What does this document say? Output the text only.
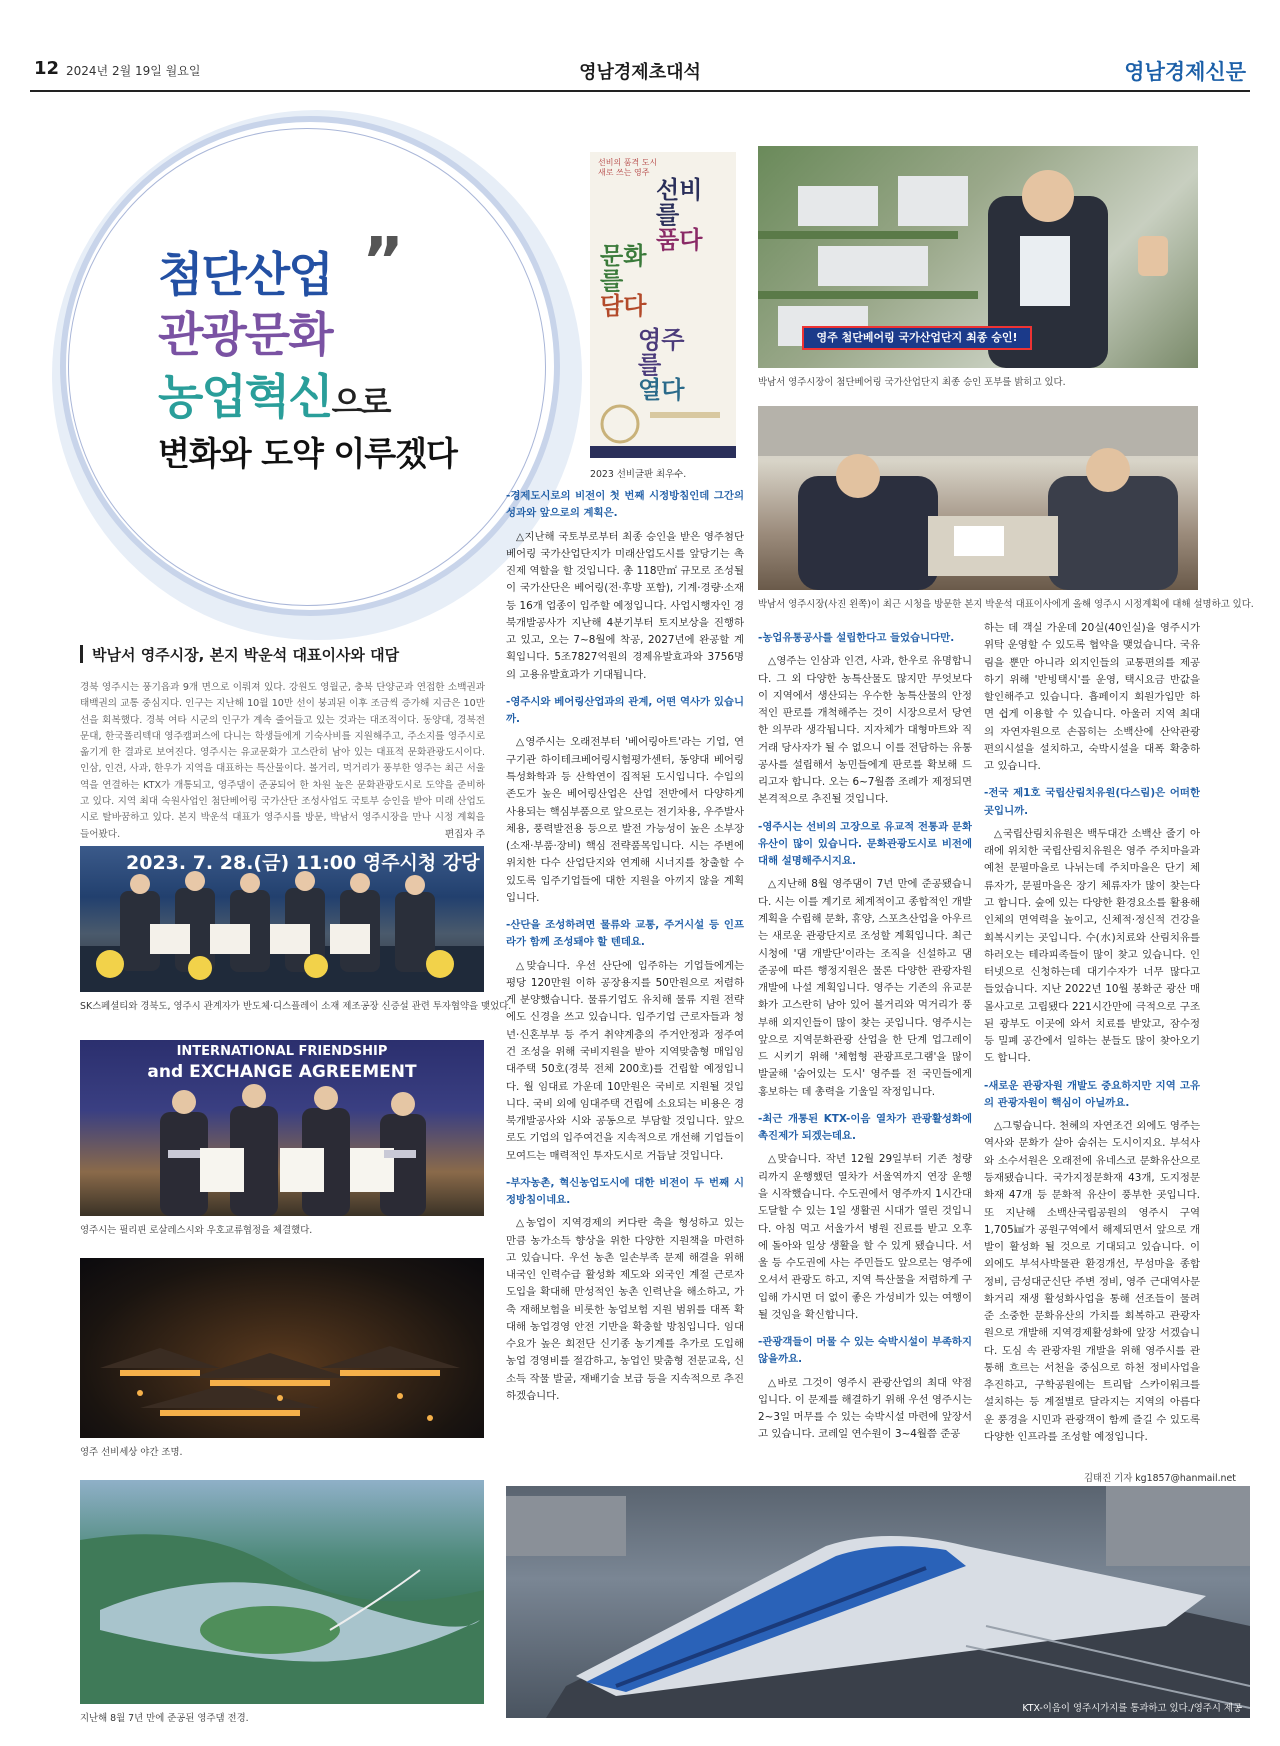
12 2024년 2월 19일 월요일	영남경제초대석	영남경제신문
”
첨단산업
관광문화
농업혁신으로
변화와 도약 이루겠다
박남서 영주시장, 본지 박운석 대표이사와 대담
경북 영주시는 풍기읍과 9개 면으로 이뤄져 있다. 강원도 영월군, 충북 단양군과 연접한 소백권과 태백권의 교통 중심지다. 인구는 지난해 10월 10만 선이 붕괴된 이후 조금씩 증가해 지금은 10만 선을 회복했다. 경북 여타 시군의 인구가 계속 줄어들고 있는 것과는 대조적이다. 동양대, 경북전문대, 한국폴리텍대 영주캠퍼스에 다니는 학생들에게 기숙사비를 지원해주고, 주소지를 영주시로 옮기게 한 결과로 보여진다. 영주시는 유교문화가 고스란히 남아 있는 대표적 문화관광도시이다. 인삼, 인견, 사과, 한우가 지역을 대표하는 특산물이다. 볼거리, 먹거리가 풍부한 영주는 최근 서울역을 연결하는 KTX가 개통되고, 영주댐이 준공되어 한 차원 높은 문화관광도시로 도약을 준비하고 있다. 지역 최대 숙원사업인 첨단베어링 국가산단 조성사업도 국토부 승인을 받아 미래 산업도시로 탈바꿈하고 있다. 본지 박운석 대표가 영주시를 방문, 박남서 영주시장을 만나 시정 계획을 들어봤다.	편집자 주
2023. 7. 28.(금) 11:00 영주시청 강당
SK스페셜티와 경북도, 영주시 관계자가 반도체·디스플레이 소재 제조공장 신증설 관련 투자협약을 맺었다.
INTERNATIONAL FRIENDSHIP
and EXCHANGE AGREEMENT
영주시는 필리핀 로살레스시와 우호교류협정을 체결했다.
영주 선비세상 야간 조명.
지난해 8월 7년 만에 준공된 영주댐 전경.
선비의 품격 도시 새로 쓰는 영주
선비
를
품다
문화
를
담다
영주
를
열다
2023 선비글판 최우수.
영주 첨단베어링 국가산업단지 최종 승인!
박남서 영주시장이 첨단베어링 국가산업단지 최종 승인 포부를 밝히고 있다.
박남서 영주시장(사진 왼쪽)이 최근 시청을 방문한 본지 박운석 대표이사에게 올해 영주시 시정계획에 대해 설명하고 있다.
KTX-이음이 영주시가지를 통과하고 있다./영주시 제공
-경제도시로의 비전이 첫 번째 시정방침인데 그간의 성과와 앞으로의 계획은.

△지난해 국토부로부터 최종 승인을 받은 영주첨단베어링 국가산업단지가 미래산업도시를 앞당기는 촉진제 역할을 할 것입니다. 총 118만㎡ 규모로 조성될 이 국가산단은 베어링(전·후방 포함), 기계·경량·소재 등 16개 업종이 입주할 예정입니다. 사업시행자인 경북개발공사가 지난해 4분기부터 토지보상을 진행하고 있고, 오는 7~8월에 착공, 2027년에 완공할 계획입니다. 5조7827억원의 경제유발효과와 3756명의 고용유발효과가 기대됩니다.

-영주시와 베어링산업과의 관계, 어떤 역사가 있습니까.

△영주시는 오래전부터 '베어링아트'라는 기업, 연구기관 하이테크베어링시험평가센터, 동양대 베어링특성화학과 등 산학연이 집적된 도시입니다. 수입의존도가 높은 베어링산업은 산업 전반에서 다양하게 사용되는 핵심부품으로 앞으로는 전기차용, 우주발사체용, 풍력발전용 등으로 발전 가능성이 높은 소부장(소재·부품·장비) 핵심 전략품목입니다. 시는 주변에 위치한 다수 산업단지와 연계해 시너지를 창출할 수 있도록 입주기업들에 대한 지원을 아끼지 않을 계획입니다.

-산단을 조성하려면 물류와 교통, 주거시설 등 인프라가 함께 조성돼야 할 텐데요.

△맞습니다. 우선 산단에 입주하는 기업들에게는 평당 120만원 이하 공장용지를 50만원으로 저렴하게 분양했습니다. 물류기업도 유치해 물류 지원 전략에도 신경을 쓰고 있습니다. 입주기업 근로자들과 청년·신혼부부 등 주거 취약계층의 주거안정과 정주여건 조성을 위해 국비지원을 받아 지역맞춤형 매입임대주택 50호(경북 전체 200호)를 건립할 예정입니다. 월 임대료 가운데 10만원은 국비로 지원될 것입니다. 국비 외에 임대주택 건립에 소요되는 비용은 경북개발공사와 시와 공동으로 부담할 것입니다. 앞으로도 기업의 입주여건을 지속적으로 개선해 기업들이 모여드는 매력적인 투자도시로 거듭날 것입니다.

-부자농촌, 혁신농업도시에 대한 비전이 두 번째 시정방침이네요.

△농업이 지역경제의 커다란 축을 형성하고 있는 만큼 농가소득 향상을 위한 다양한 지원책을 마련하고 있습니다. 우선 농촌 일손부족 문제 해결을 위해 내국인 인력수급 활성화 제도와 외국인 계절 근로자 도입을 확대해 만성적인 농촌 인력난을 해소하고, 가축 재해보험을 비롯한 농업보험 지원 범위를 대폭 확대해 농업경영 안전 기반을 확충할 방침입니다. 임대수요가 높은 회전단 신기종 농기계를 추가로 도입해 농업 경영비를 절감하고, 농업인 맞춤형 전문교육, 신소득 작물 발굴, 재배기술 보급 등을 지속적으로 추진하겠습니다.

-농업유통공사를 설립한다고 들었습니다만.

△영주는 인삼과 인견, 사과, 한우로 유명합니다. 그 외 다양한 농특산물도 많지만 무엇보다 이 지역에서 생산되는 우수한 농특산물의 안정적인 판로를 개척해주는 것이 시장으로서 당연한 의무라 생각됩니다. 지자체가 대형마트와 직거래 당사자가 될 수 없으니 이를 전담하는 유통공사를 설립해서 농민들에게 판로를 확보해 드리고자 합니다. 오는 6~7월쯤 조례가 제정되면 본격적으로 추진될 것입니다.

-영주시는 선비의 고장으로 유교적 전통과 문화 유산이 많이 있습니다. 문화관광도시로 비전에 대해 설명해주시지요.

△지난해 8월 영주댐이 7년 만에 준공됐습니다. 시는 이를 계기로 체계적이고 종합적인 개발계획을 수립해 문화, 휴양, 스포츠산업을 아우르는 새로운 관광단지로 조성할 계획입니다. 최근 시청에 '댐 개발단'이라는 조직을 신설하고 댐 준공에 따른 행정지원은 물론 다양한 관광자원 개발에 나설 계획입니다. 영주는 기존의 유교문화가 고스란히 남아 있어 볼거리와 먹거리가 풍부해 외지인들이 많이 찾는 곳입니다. 영주시는 앞으로 지역문화관광 산업을 한 단계 업그레이드 시키기 위해 '체험형 관광프로그램'을 많이 발굴해 '숨어있는 도시' 영주를 전 국민들에게 홍보하는 데 총력을 기울일 작정입니다.

-최근 개통된 KTX-이음 열차가 관광활성화에 촉진제가 되겠는데요.

△맞습니다. 작년 12월 29일부터 기존 청량리까지 운행했던 열차가 서울역까지 연장 운행을 시작했습니다. 수도권에서 영주까지 1시간대 도달할 수 있는 1일 생활권 시대가 열린 것입니다. 아침 먹고 서울가서 병원 진료를 받고 오후에 돌아와 일상 생활을 할 수 있게 됐습니다. 서울 등 수도권에 사는 주민들도 앞으로는 영주에 오셔서 관광도 하고, 지역 특산물을 저렴하게 구입해 가시면 더 없이 좋은 가성비가 있는 여행이 될 것임을 확신합니다.

-관광객들이 머물 수 있는 숙박시설이 부족하지 않을까요.

△바로 그것이 영주시 관광산업의 최대 약점입니다. 이 문제를 해결하기 위해 우선 영주시는 2~3일 머무를 수 있는 숙박시설 마련에 앞장서고 있습니다. 코레일 연수원이 3~4월쯤 준공

하는 데 객실 가운데 20실(40인실)을 영주시가 위탁 운영할 수 있도록 협약을 맺었습니다. 국유림을 뿐만 아니라 외지인들의 교통편의를 제공하기 위해 '반빙택시'를 운영, 택시요금 반값을 할인해주고 있습니다. 흡페이지 회원가입만 하면 쉽게 이용할 수 있습니다. 아울러 지역 최대의 자연자원으로 손꼽히는 소백산에 산악관광 편의시설을 설치하고, 숙박시설을 대폭 확충하고 있습니다.

-전국 제1호 국립산림치유원(다스림)은 어떠한 곳입니까.

△국립산림치유원은 백두대간 소백산 줄기 아래에 위치한 국립산림치유원은 영주 주치마을과 예천 문필마을로 나뉘는데 주치마을은 단기 체류자가, 문필마을은 장기 체류자가 많이 찾는다고 합니다. 숲에 있는 다양한 환경요소를 활용해 인체의 면역력을 높이고, 신체적·정신적 건강을 회복시키는 곳입니다. 수(水)치료와 산림치유를 하러오는 테라피족들이 많이 찾고 있습니다. 인터넷으로 신청하는데 대기수자가 너무 많다고 들었습니다. 지난 2022년 10월 봉화군 광산 매몰사고로 고립됐다 221시간만에 극적으로 구조된 광부도 이곳에 와서 치료를 받았고, 잠수정 등 밀폐 공간에서 일하는 분들도 많이 찾아오기도 합니다.

-새로운 관광자원 개발도 중요하지만 지역 고유의 관광자원이 핵심이 아닐까요.

△그렇습니다. 천혜의 자연조건 외에도 영주는 역사와 문화가 살아 숨쉬는 도시이지요. 부석사와 소수서원은 오래전에 유네스코 문화유산으로 등재됐습니다. 국가지정문화재 43개, 도지정문화재 47개 등 문화적 유산이 풍부한 곳입니다. 또 지난해 소백산국립공원의 영주시 구역 1,705㎢가 공원구역에서 해제되면서 앞으로 개발이 활성화 될 것으로 기대되고 있습니다. 이 외에도 부석사박물관 환경개선, 무섬마을 종합정비, 금성대군신단 주변 정비, 영주 근대역사문화거리 재생 활성화사업을 통해 선조들이 물려준 소중한 문화유산의 가치를 회복하고 관광자원으로 개발해 지역경제활성화에 앞장 서겠습니다. 도심 속 관광자원 개발을 위해 영주시를 관통해 흐르는 서천을 중심으로 하천 정비사업을 추진하고, 구학공원에는 트리탑 스카이워크를 설치하는 등 계절별로 달라지는 지역의 아름다운 풍경을 시민과 관광객이 함께 즐길 수 있도록 다양한 인프라를 조성할 예정입니다.

김태진 기자 kg1857@hanmail.net
